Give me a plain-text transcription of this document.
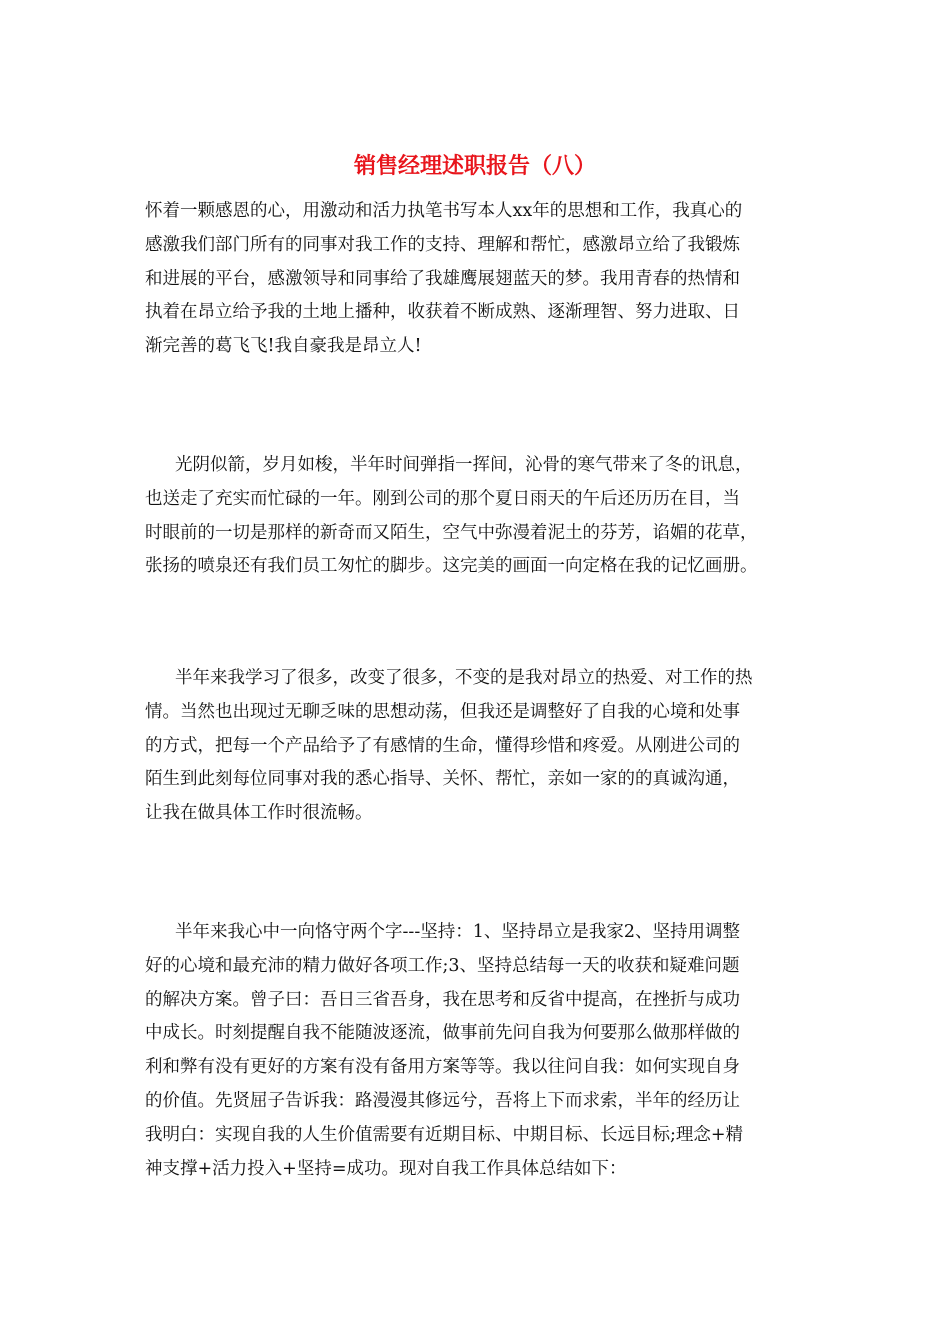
销售经理述职报告（八）

怀着一颗感恩的心，用激动和活力执笔书写本人xx年的思想和工作，我真心的
感激我们部门所有的同事对我工作的支持、理解和帮忙，感激昂立给了我锻炼
和进展的平台，感激领导和同事给了我雄鹰展翅蓝天的梦。我用青春的热情和
执着在昂立给予我的土地上播种，收获着不断成熟、逐渐理智、努力进取、日
渐完善的葛飞飞!我自豪我是昂立人!

光阴似箭，岁月如梭，半年时间弹指一挥间，沁骨的寒气带来了冬的讯息，
也送走了充实而忙碌的一年。刚到公司的那个夏日雨天的午后还历历在目，当
时眼前的一切是那样的新奇而又陌生，空气中弥漫着泥土的芬芳，谄媚的花草，
张扬的喷泉还有我们员工匆忙的脚步。这完美的画面一向定格在我的记忆画册。

半年来我学习了很多，改变了很多，不变的是我对昂立的热爱、对工作的热
情。当然也出现过无聊乏味的思想动荡，但我还是调整好了自我的心境和处事
的方式，把每一个产品给予了有感情的生命，懂得珍惜和疼爱。从刚进公司的
陌生到此刻每位同事对我的悉心指导、关怀、帮忙，亲如一家的的真诚沟通，
让我在做具体工作时很流畅。

半年来我心中一向恪守两个字---坚持：1、坚持昂立是我家2、坚持用调整
好的心境和最充沛的精力做好各项工作;3、坚持总结每一天的收获和疑难问题
的解决方案。曾子曰：吾日三省吾身，我在思考和反省中提高，在挫折与成功
中成长。时刻提醒自我不能随波逐流，做事前先问自我为何要那么做那样做的
利和弊有没有更好的方案有没有备用方案等等。我以往问自我：如何实现自身
的价值。先贤屈子告诉我：路漫漫其修远兮，吾将上下而求索，半年的经历让
我明白：实现自我的人生价值需要有近期目标、中期目标、长远目标;理念+精
神支撑+活力投入+坚持=成功。现对自我工作具体总结如下：
